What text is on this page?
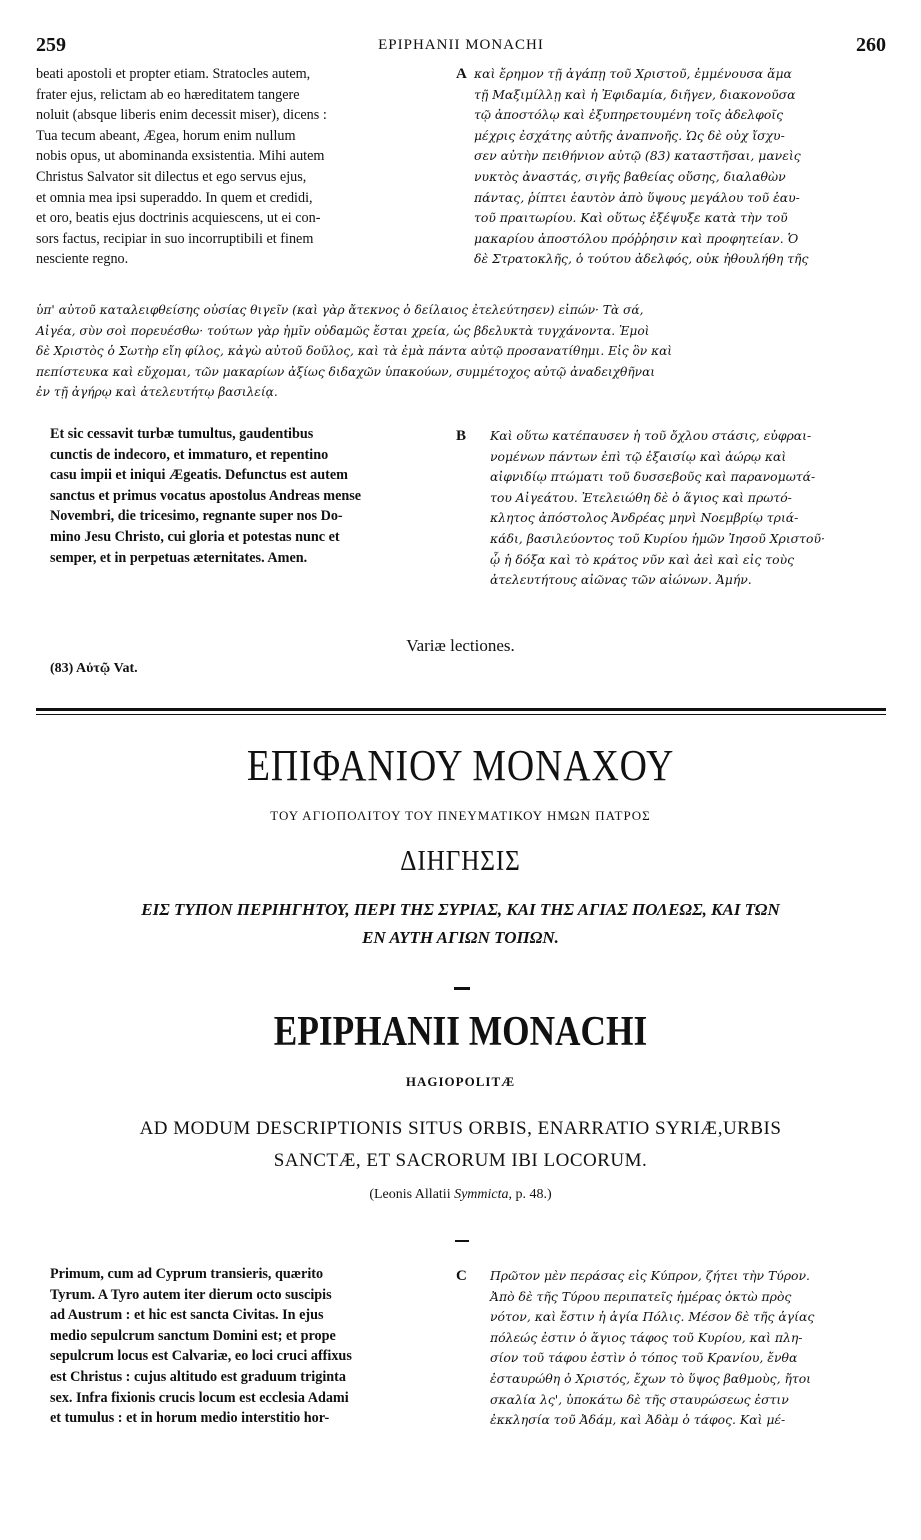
259	EPIPHANII MONACHI	260
beati apostoli et propter etiam. Stratocles autem,
frater ejus, relictam ab eo hæreditatem tangere
noluit (absque liberis enim decessit miser), dicens :
Tua tecum abeant, Ægea, horum enim nullum
nobis opus, ut abominanda exsistentia. Mihi autem
Christus Salvator sit dilectus et ego servus ejus,
et omnia mea ipsi superaddo. In quem et credidi,
et oro, beatis ejus doctrinis acquiescens, ut ei con-
sors factus, recipiar in suo incorruptibili et finem
nesciente regno.
A καὶ ἔρημον τῇ ἀγάπῃ τοῦ Χριστοῦ, ἐμμένουσα ἅμα
τῇ Μαξιμίλλῃ καὶ ἡ Ἐφιδαμία, διῆγεν, διακονοῦσα
τῷ ἀποστόλῳ καὶ ἐξυπηρετουμένη τοῖς ἀδελφοῖς
μέχρις ἐσχάτης αὐτῆς ἀναπνοῆς. Ὡς δὲ οὐχ ἴσχυ-
σεν αὐτὴν πειθήνιον αὐτῷ (83) καταστῆσαι, μανεὶς
νυκτὸς ἀναστάς, σιγῆς βαθείας οὔσης, διαλαθὼν
πάντας, ῥίπτει ἑαυτὸν ἀπὸ ὕψους μεγάλου τοῦ ἑαυ-
τοῦ πραιτωρίου. Καὶ οὕτως ἐξέψυξε κατὰ τὴν τοῦ
μακαρίου ἀποστόλου πρόῤῥησιν καὶ προφητείαν. Ὁ
δὲ Στρατοκλῆς, ὁ τούτου ἀδελφός, οὐκ ἠθουλήθη τῆς
ὑπ' αὐτοῦ καταλειφθείσης οὐσίας θιγεῖν (καὶ γὰρ ἄτεκνος ὁ δείλαιος ἐτελεύτησεν) εἰπών· Τὰ σά,
Αἰγέα, σὺν σοὶ πορευέσθω· τούτων γὰρ ἡμῖν οὐδαμῶς ἔσται χρεία, ὡς βδελυκτὰ τυγχάνοντα. Ἐμοὶ
δὲ Χριστὸς ὁ Σωτὴρ εἴη φίλος, κἀγὼ αὐτοῦ δοῦλος, καὶ τὰ ἐμὰ πάντα αὐτῷ προσανατίθημι. Εἰς ὃν καὶ
πεπίστευκα καὶ εὔχομαι, τῶν μακαρίων ἀξίως διδαχῶν ὑπακούων, συμμέτοχος αὐτῷ ἀναδειχθῆναι
ἐν τῇ ἀγήρῳ καὶ ἀτελευτήτῳ βασιλείᾳ.
Et sic cessavit turbæ tumultus, gaudentibus
cunctis de indecoro, et immaturo, et repentino
casu impii et iniqui Ægeatis. Defunctus est autem
sanctus et primus vocatus apostolus Andreas mense
Novembri, die tricesimo, regnante super nos Do-
mino Jesu Christo, cui gloria et potestas nunc et
semper, et in perpetuas æternitates. Amen.
B Καὶ οὕτω κατέπαυσεν ἡ τοῦ ὄχλου στάσις, εὐφραι-
νομένων πάντων ἐπὶ τῷ ἐξαισίῳ καὶ ἀώρῳ καὶ
αἰφνιδίῳ πτώματι τοῦ δυσσεβοῦς καὶ παρανομωτά-
του Αἰγεάτου. Ἐτελειώθη δὲ ὁ ἅγιος καὶ πρωτό-
κλητος ἀπόστολος Ἀνδρέας μηνὶ Νοεμβρίῳ τριά-
κάδι, βασιλεύοντος τοῦ Κυρίου ἡμῶν Ἰησοῦ Χριστοῦ·
ᾧ ἡ δόξα καὶ τὸ κράτος νῦν καὶ ἀεὶ καὶ εἰς τοὺς
ἀτελευτήτους αἰῶνας τῶν αἰώνων. Ἀμήν.
Variæ lectiones.
(83) Αὐτῷ Vat.
ΕΠΙΦΑΝΙΟΥ ΜΟΝΑΧΟΥ
ΤΟΥ ΑΓΙΟΠΟΛΙΤΟΥ ΤΟΥ ΠΝΕΥΜΑΤΙΚΟΥ ΗΜΩΝ ΠΑΤΡΟΣ
ΔΙΗΓΗΣΙΣ
ΕΙΣ ΤΥΠΟΝ ΠΕΡΙΗΓΗΤΟΥ, ΠΕΡΙ ΤΗΣ ΣΥΡΙΑΣ, ΚΑΙ ΤΗΣ ΑΓΙΑΣ ΠΟΛΕΩΣ, ΚΑΙ ΤΩΝ
ΕΝ ΑΥΤΗ ΑΓΙΩΝ ΤΟΠΩΝ.
EPIPHANII MONACHI
HAGIOPOLITÆ
AD MODUM DESCRIPTIONIS SITUS ORBIS, ENARRATIO SYRIÆ,URBIS
SANCTÆ, ET SACRORUM IBI LOCORUM.
(Leonis Allatii Symmicta, p. 48.)
Primum, cum ad Cyprum transieris, quærito
Tyrum. A Tyro autem iter dierum octo suscipis
ad Austrum : et hic est sancta Civitas. In ejus
medio sepulcrum sanctum Domini est; et prope
sepulcrum locus est Calvariæ, eo loci cruci affixus
est Christus : cujus altitudo est graduum triginta
sex. Infra fixionis crucis locum est ecclesia Adami
et tumulus : et in horum medio interstitio hor-
C Πρῶτον μὲν περάσας εἰς Κύπρον, ζήτει τὴν Τύρον.
Ἀπὸ δὲ τῆς Τύρου περιπατεῖς ἡμέρας ὀκτὼ πρὸς
νότον, καὶ ἔστιν ἡ ἁγία Πόλις. Μέσον δὲ τῆς ἁγίας
πόλεώς ἐστιν ὁ ἅγιος τάφος τοῦ Κυρίου, καὶ πλη-
σίον τοῦ τάφου ἐστὶν ὁ τόπος τοῦ Κρανίου, ἔνθα
ἐσταυρώθη ὁ Χριστός, ἔχων τὸ ὕψος βαθμοὺς, ἤτοι
σκαλία λς', ὑποκάτω δὲ τῆς σταυρώσεως ἐστιν
ἐκκλησία τοῦ Ἀδάμ, καὶ Ἀδὰμ ὁ τάφος. Καὶ μέ-
